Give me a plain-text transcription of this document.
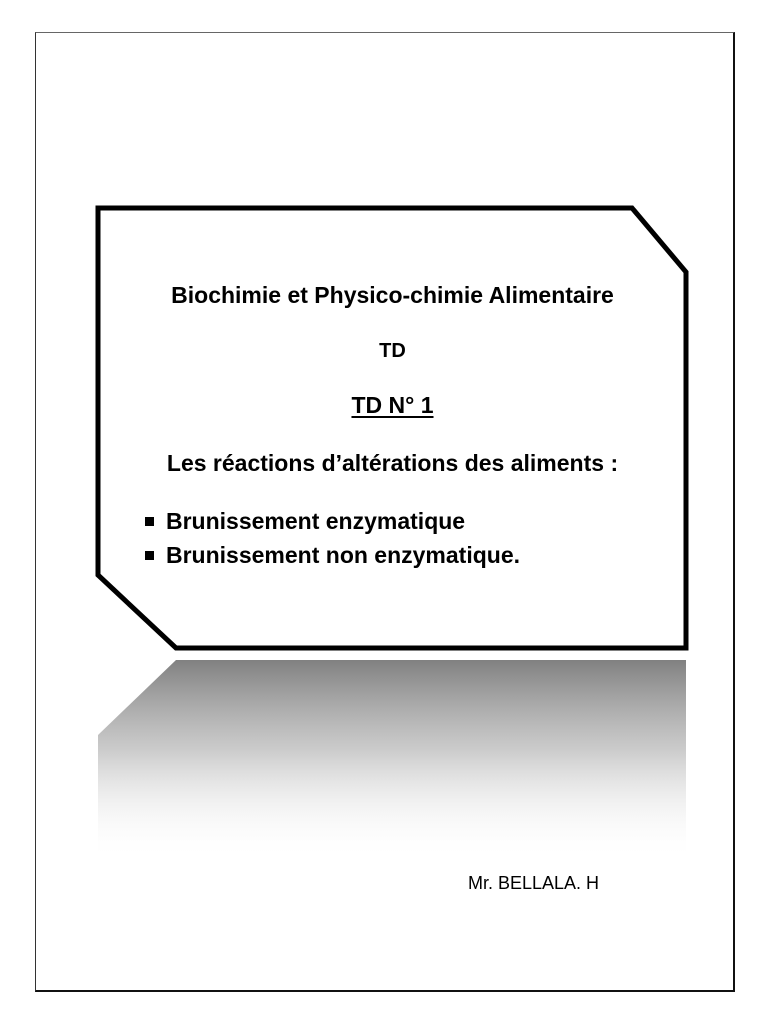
Biochimie et Physico-chimie Alimentaire
TD
TD N° 1
Les réactions d’altérations des aliments :
Brunissement enzymatique
Brunissement non enzymatique.
Mr. BELLALA. H
